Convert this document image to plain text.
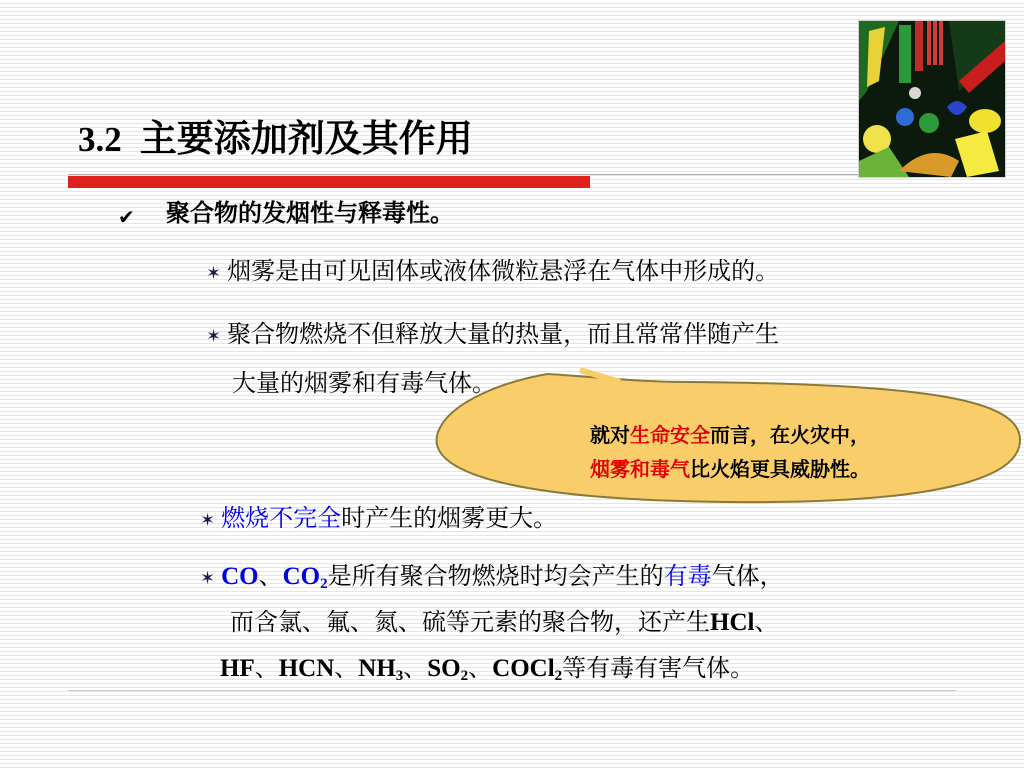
3.2 主要添加剂及其作用
✔ 聚合物的发烟性与释毒性。
✶ 烟雾是由可见固体或液体微粒悬浮在气体中形成的。
✶ 聚合物燃烧不但释放大量的热量，而且常常伴随产生
大量的烟雾和有毒气体。
就对生命安全而言，在火灾中，
烟雾和毒气比火焰更具威胁性。
✶ 燃烧不完全时产生的烟雾更大。
✶ CO、$CO_2$是所有聚合物燃烧时均会产生的有毒气体，
而含氯、氟、氮、硫等元素的聚合物，还产生HCl、
HF、HCN、$NH_3$、$SO_2$、COCl$_2$等有毒有害气体。
